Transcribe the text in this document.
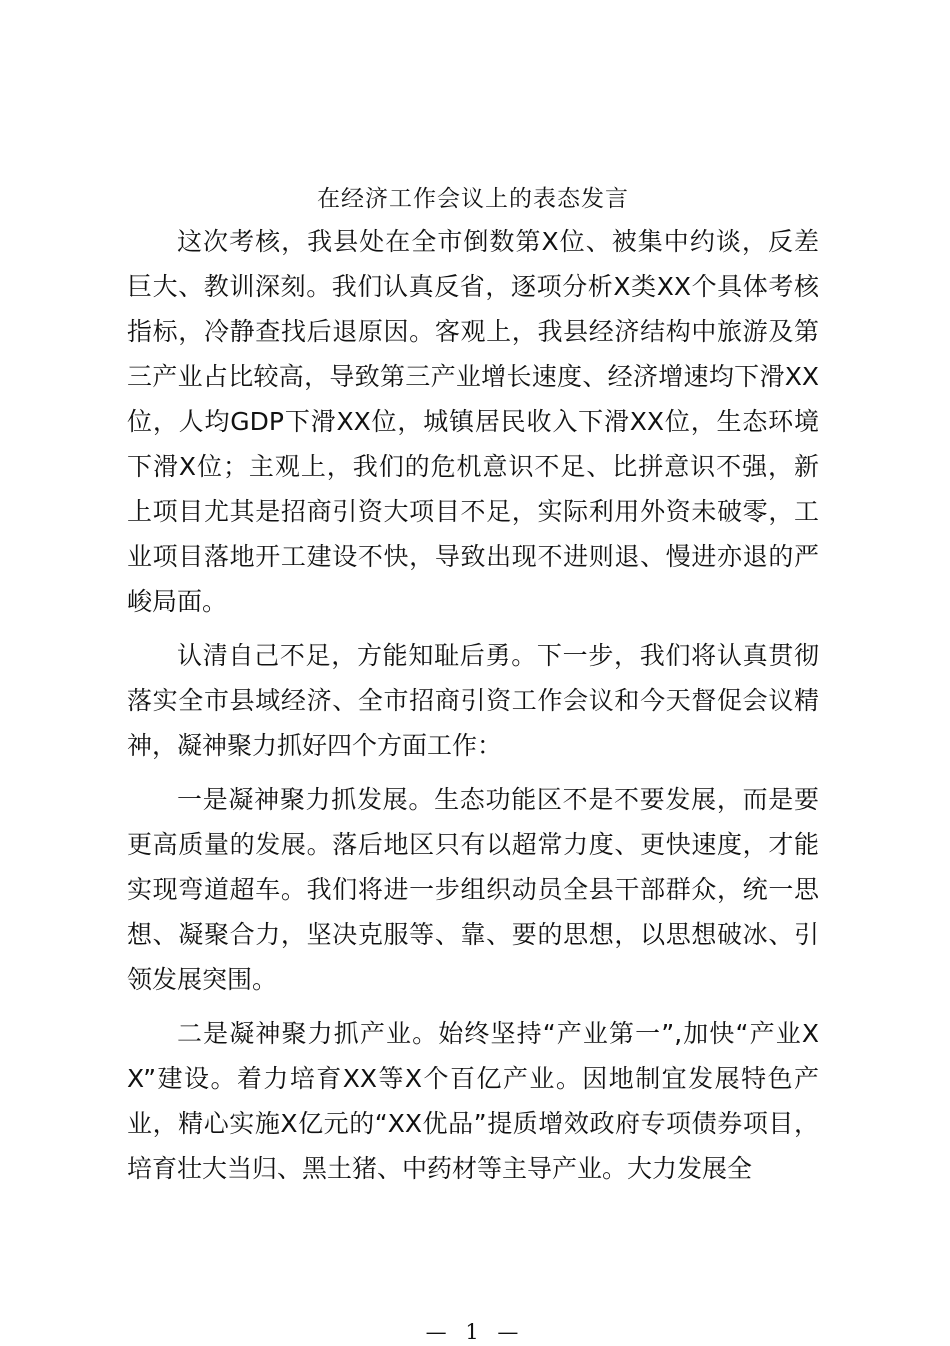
在经济工作会议上的表态发言

这次考核，我县处在全市倒数第X位、被集中约谈，反差巨大、教训深刻。我们认真反省，逐项分析X类XX个具体考核指标，冷静查找后退原因。客观上，我县经济结构中旅游及第三产业占比较高，导致第三产业增长速度、经济增速均下滑XX位，人均GDP下滑XX位，城镇居民收入下滑XX位，生态环境下滑X位；主观上，我们的危机意识不足、比拼意识不强，新上项目尤其是招商引资大项目不足，实际利用外资未破零，工业项目落地开工建设不快，导致出现不进则退、慢进亦退的严峻局面。

认清自己不足，方能知耻后勇。下一步，我们将认真贯彻落实全市县域经济、全市招商引资工作会议和今天督促会议精神，凝神聚力抓好四个方面工作：

一是凝神聚力抓发展。生态功能区不是不要发展，而是要更高质量的发展。落后地区只有以超常力度、更快速度，才能实现弯道超车。我们将进一步组织动员全县干部群众，统一思想、凝聚合力，坚决克服等、靠、要的思想，以思想破冰、引领发展突围。

二是凝神聚力抓产业。始终坚持“产业第一”,加快“产业XX”建设。着力培育XX等X个百亿产业。因地制宜发展特色产业，精心实施X亿元的“XX优品”提质增效政府专项债券项目，培育壮大当归、黑土猪、中药材等主导产业。大力发展全

— 1 —
